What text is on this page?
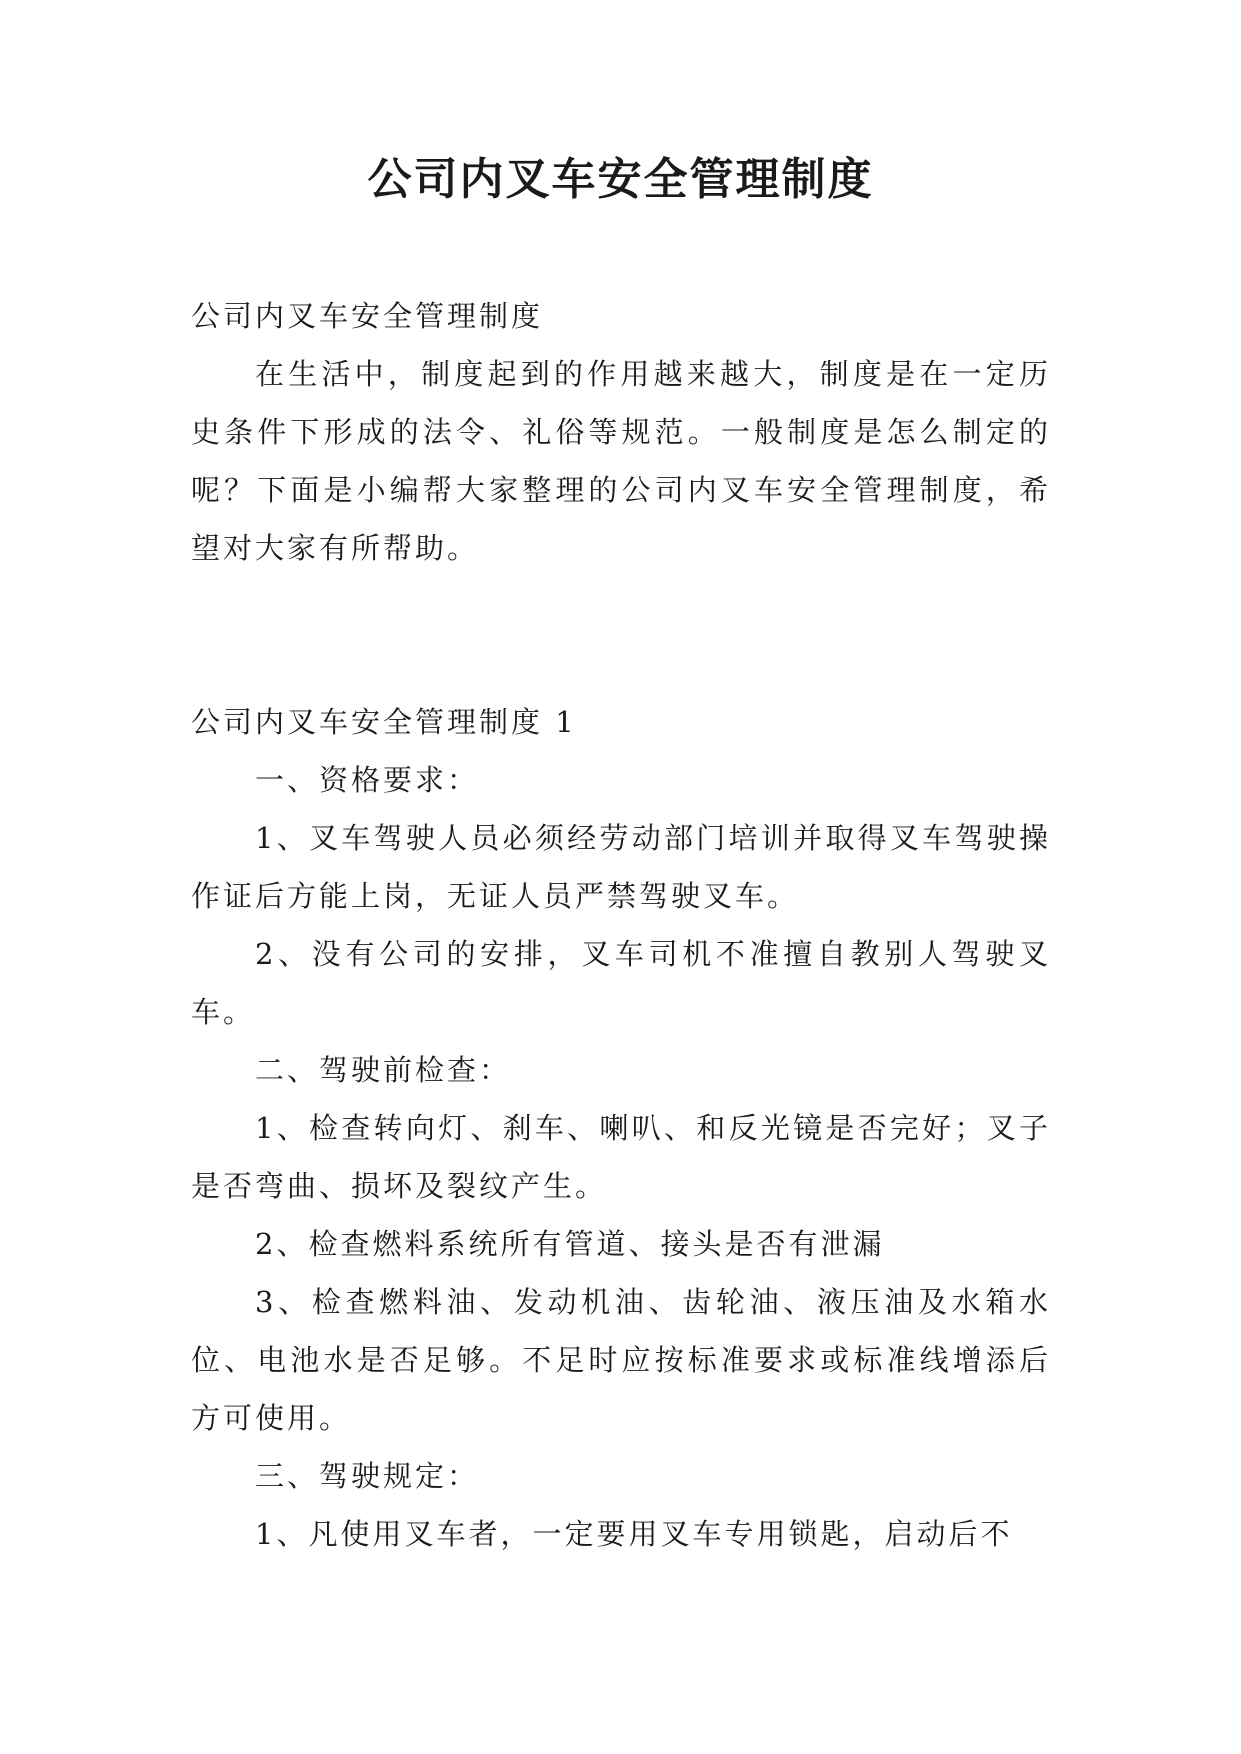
公司内叉车安全管理制度

公司内叉车安全管理制度

在生活中，制度起到的作用越来越大，制度是在一定历史条件下形成的法令、礼俗等规范。一般制度是怎么制定的呢？下面是小编帮大家整理的公司内叉车安全管理制度，希望对大家有所帮助。

公司内叉车安全管理制度 1

一、资格要求：

1、叉车驾驶人员必须经劳动部门培训并取得叉车驾驶操作证后方能上岗，无证人员严禁驾驶叉车。

2、没有公司的安排，叉车司机不准擅自教别人驾驶叉车。

二、驾驶前检查：

1、检查转向灯、刹车、喇叭、和反光镜是否完好；叉子是否弯曲、损坏及裂纹产生。

2、检查燃料系统所有管道、接头是否有泄漏

3、检查燃料油、发动机油、齿轮油、液压油及水箱水位、电池水是否足够。不足时应按标准要求或标准线增添后方可使用。

三、驾驶规定：

1、凡使用叉车者，一定要用叉车专用锁匙，启动后不
